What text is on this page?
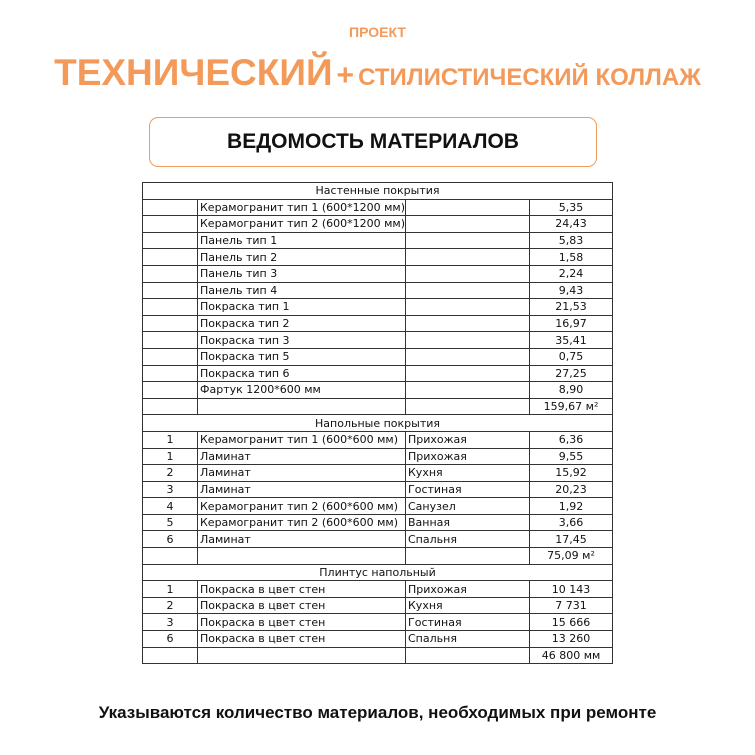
ПРОЕКТ
ТЕХНИЧЕСКИЙ + СТИЛИСТИЧЕСКИЙ КОЛЛАЖ
ВЕДОМОСТЬ МАТЕРИАЛОВ
Настенные покрытия			
	Керамогранит тип 1 (600*1200 мм)		5,35
	Керамогранит тип 2 (600*1200 мм)		24,43
	Панель тип 1		5,83
	Панель тип 2		1,58
	Панель тип 3		2,24
	Панель тип 4		9,43
	Покраска тип 1		21,53
	Покраска тип 2		16,97
	Покраска тип 3		35,41
	Покраска тип 5		0,75
	Покраска тип 6		27,25
	Фартук 1200*600 мм		8,90
			159,67 м²
Напольные покрытия			
1	Керамогранит тип 1 (600*600 мм)	Прихожая	6,36
1	Ламинат	Прихожая	9,55
2	Ламинат	Кухня	15,92
3	Ламинат	Гостиная	20,23
4	Керамогранит тип 2 (600*600 мм)	Санузел	1,92
5	Керамогранит тип 2 (600*600 мм)	Ванная	3,66
6	Ламинат	Спальня	17,45
			75,09 м²
Плинтус напольный			
1	Покраска в цвет стен	Прихожая	10 143
2	Покраска в цвет стен	Кухня	7 731
3	Покраска в цвет стен	Гостиная	15 666
6	Покраска в цвет стен	Спальня	13 260
			46 800 мм
Указываются количество материалов, необходимых при ремонте
